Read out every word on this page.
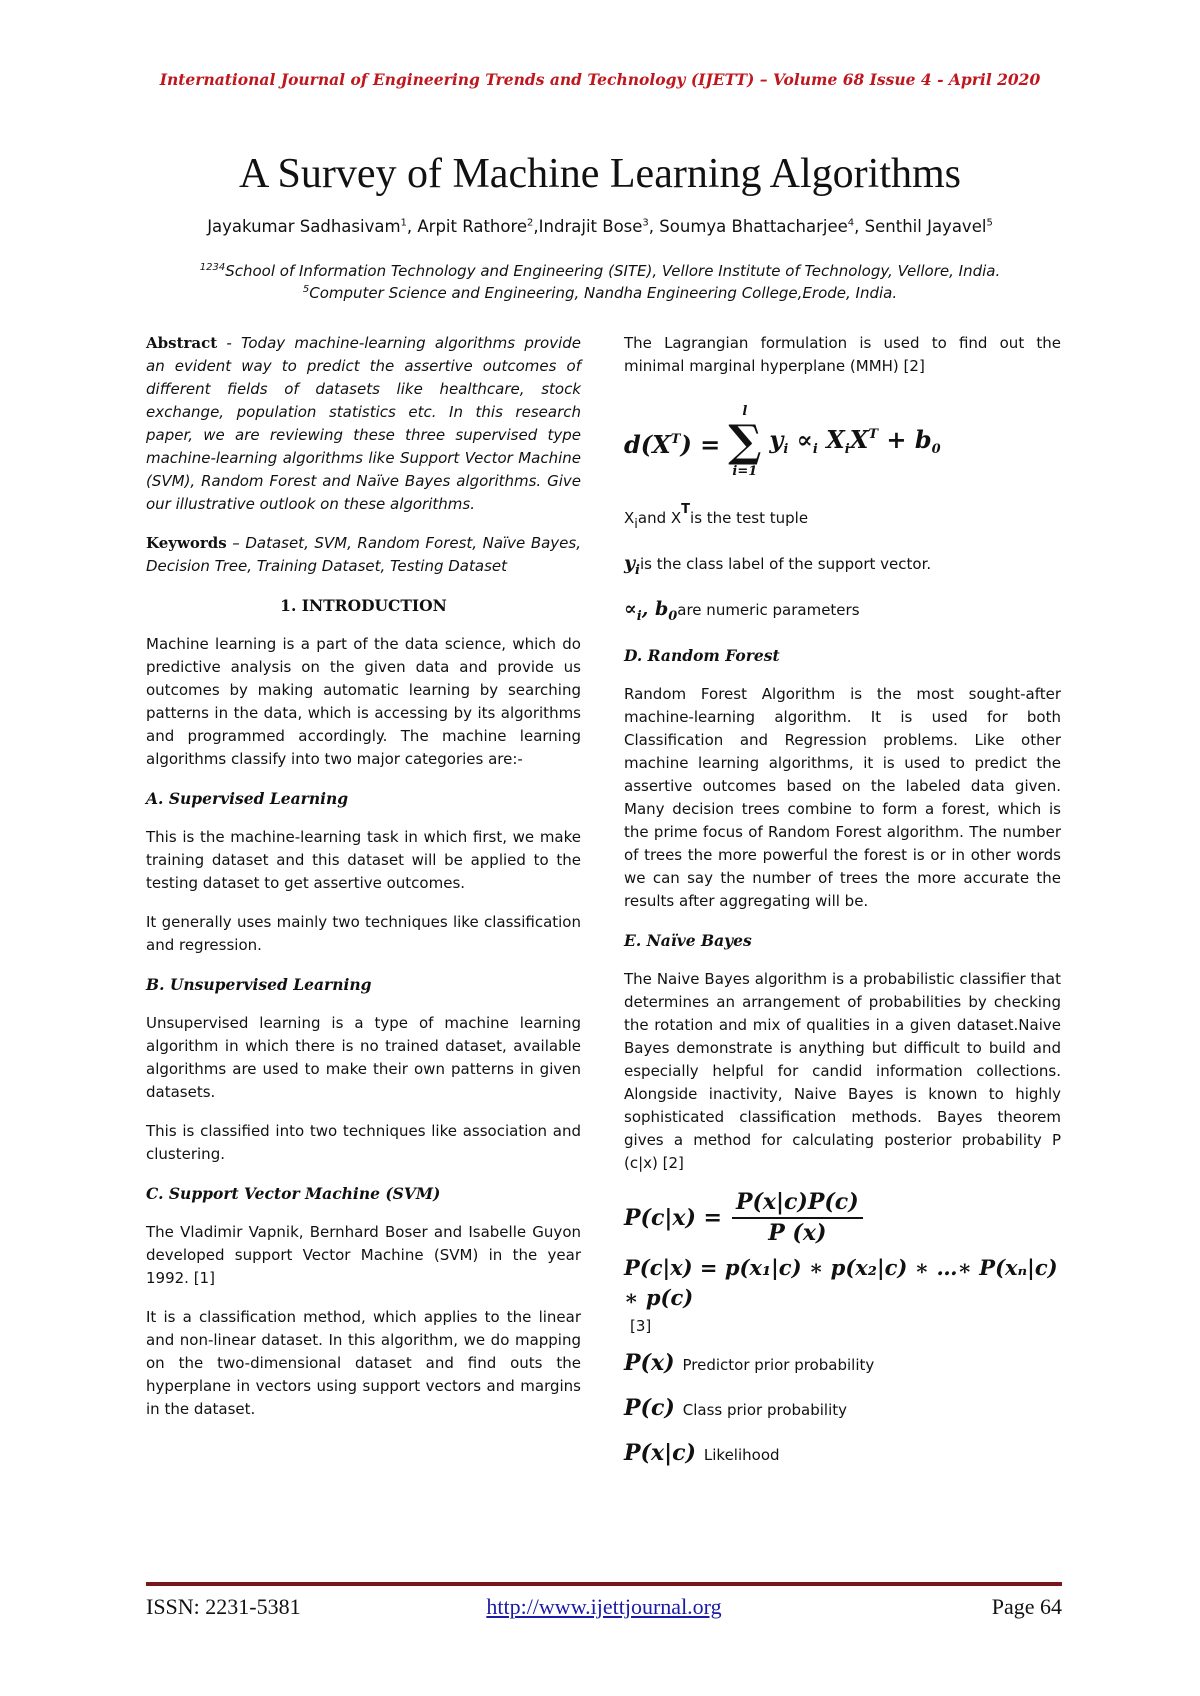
International Journal of Engineering Trends and Technology (IJETT) – Volume 68 Issue 4 - April 2020
A Survey of Machine Learning Algorithms
Jayakumar Sadhasivam$^1$, Arpit Rathore$^2$,Indrajit Bose$^3$, Soumya Bhattacharjee$^4$, Senthil Jayavel$^5$
$^{1234}$School of Information Technology and Engineering (SITE), Vellore Institute of Technology, Vellore, India.
$^5$Computer Science and Engineering, Nandha Engineering College,Erode, India.

Abstract - Today machine-learning algorithms provide an evident way to predict the assertive outcomes of different fields of datasets like healthcare, stock exchange, population statistics etc. In this research paper, we are reviewing these three supervised type machine-learning algorithms like Support Vector Machine (SVM), Random Forest and Naïve Bayes algorithms. Give our illustrative outlook on these algorithms.

Keywords – Dataset, SVM, Random Forest, Naïve Bayes, Decision Tree, Training Dataset, Testing Dataset

1. INTRODUCTION

Machine learning is a part of the data science, which do predictive analysis on the given data and provide us outcomes by making automatic learning by searching patterns in the data, which is accessing by its algorithms and programmed accordingly. The machine learning algorithms classify into two major categories are:-

A. Supervised Learning

This is the machine-learning task in which first, we make training dataset and this dataset will be applied to the testing dataset to get assertive outcomes.

It generally uses mainly two techniques like classification and regression.

B. Unsupervised Learning

Unsupervised learning is a type of machine learning algorithm in which there is no trained dataset, available algorithms are used to make their own patterns in given datasets.

This is classified into two techniques like association and clustering.

C. Support Vector Machine (SVM)

The Vladimir Vapnik, Bernhard Boser and Isabelle Guyon developed support Vector Machine (SVM) in the year 1992. [1]

It is a classification method, which applies to the linear and non-linear dataset. In this algorithm, we do mapping on the two-dimensional dataset and find outs the hyperplane in vectors using support vectors and margins in the dataset.

The Lagrangian formulation is used to find out the minimal marginal hyperplane (MMH) [2]

$d(X^T)$ =
l
∑
i=1
$y_i \propto_i$ $X_iX^T + b_0$
Xiand XTis the test tuple
yiis the class label of the support vector.
∝i, b0are numeric parameters
D. Random Forest

Random Forest Algorithm is the most sought-after machine-learning algorithm. It is used for both Classification and Regression problems. Like other machine learning algorithms, it is used to predict the assertive outcomes based on the labeled data given. Many decision trees combine to form a forest, which is the prime focus of Random Forest algorithm. The number of trees the more powerful the forest is or in other words we can say the number of trees the more accurate the results after aggregating will be.

E. Naïve Bayes

The Naive Bayes algorithm is a probabilistic classifier that determines an arrangement of probabilities by checking the rotation and mix of qualities in a given dataset.Naive Bayes demonstrate is anything but difficult to build and especially helpful for candid information collections. Alongside inactivity, Naive Bayes is known to highly sophisticated classification methods. Bayes theorem gives a method for calculating posterior probability P (c|x) [2]

$P(c|x) = \frac{P(x|c)P(c)}{P (x)}$
P(c|x) = p(x₁|c) ∗ p(x₂|c) ∗ …∗ P(xₙ|c) ∗ p(c)
[3]
P(x) Predictor prior probability
P(c) Class prior probability
P(x|c) Likelihood
ISSN: 2231-5381	http://www.ijettjournal.org	Page 64
